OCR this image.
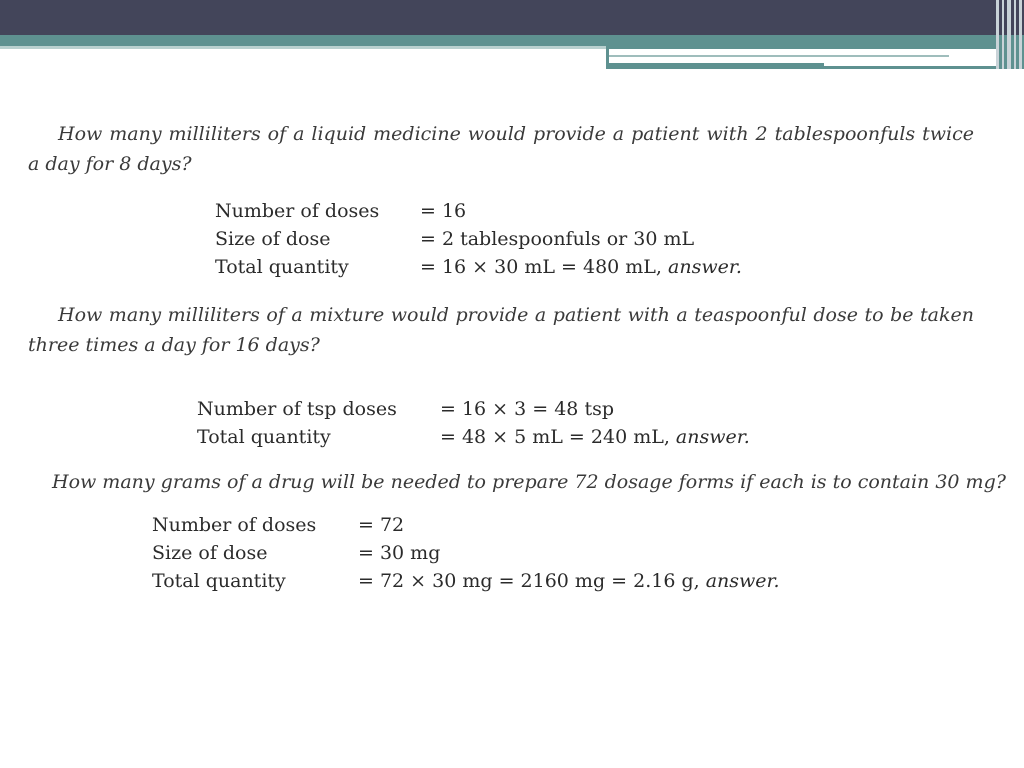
How many milliliters of a liquid medicine would provide a patient with 2 tablespoonfuls twice a day for 8 days?

Number of doses	= 16
Size of dose	= 2 tablespoonfuls or 30 mL
Total quantity	= 16 × 30 mL = 480 mL, answer.

How many milliliters of a mixture would provide a patient with a teaspoonful dose to be taken three times a day for 16 days?

Number of tsp doses	= 16 × 3 = 48 tsp
Total quantity	= 48 × 5 mL = 240 mL, answer.

How many grams of a drug will be needed to prepare 72 dosage forms if each is to contain 30 mg?

Number of doses	= 72
Size of dose	= 30 mg
Total quantity	= 72 × 30 mg = 2160 mg = 2.16 g, answer.
